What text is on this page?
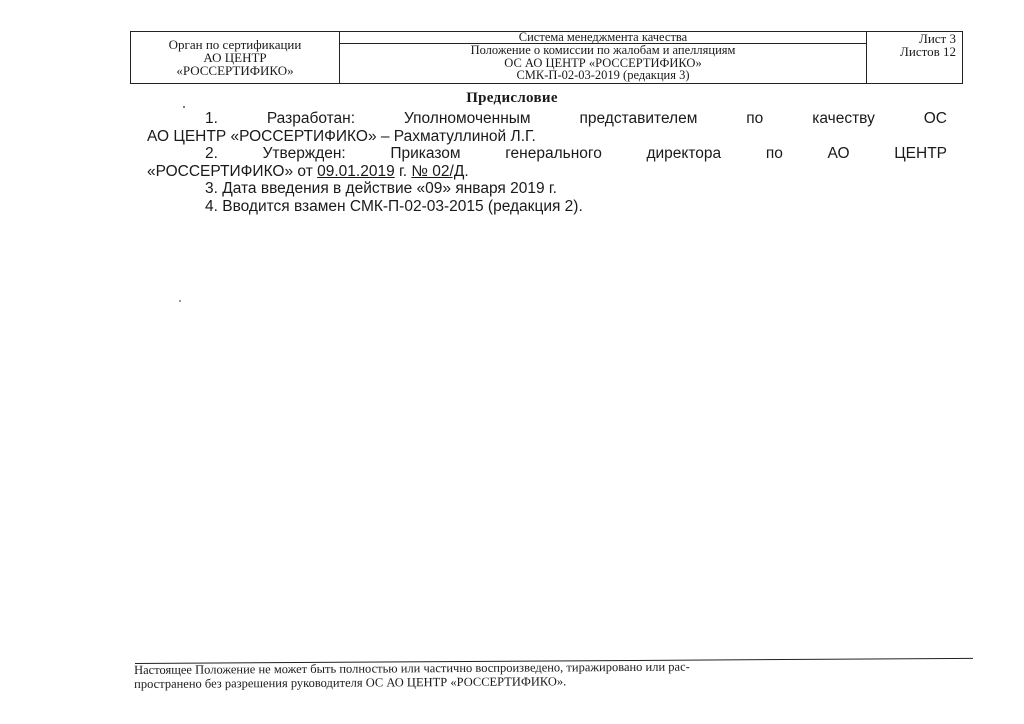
Орган по сертификации
АО ЦЕНТР
«РОССЕРТИФИКО»
Система менеджмента качества
Положение о комиссии по жалобам и апелляциям
ОС АО ЦЕНТР «РОССЕРТИФИКО»
СМК-П-02-03-2019 (редакция 3)
Лист 3
Листов 12
Предисловие
1. Разработан: Уполномоченным представителем по качеству ОС
АО ЦЕНТР «РОССЕРТИФИКО» – Рахматуллиной Л.Г.
2. Утвержден: Приказом генерального директора по АО ЦЕНТР
«РОССЕРТИФИКО» от 09.01.2019 г. № 02/Д.
3. Дата введения в действие «09» января 2019 г.
4. Вводится взамен СМК-П-02-03-2015 (редакция 2).
Настоящее Положение не может быть полностью или частично воспроизведено, тиражировано или рас-
пространено без разрешения руководителя ОС АО ЦЕНТР «РОССЕРТИФИКО».
